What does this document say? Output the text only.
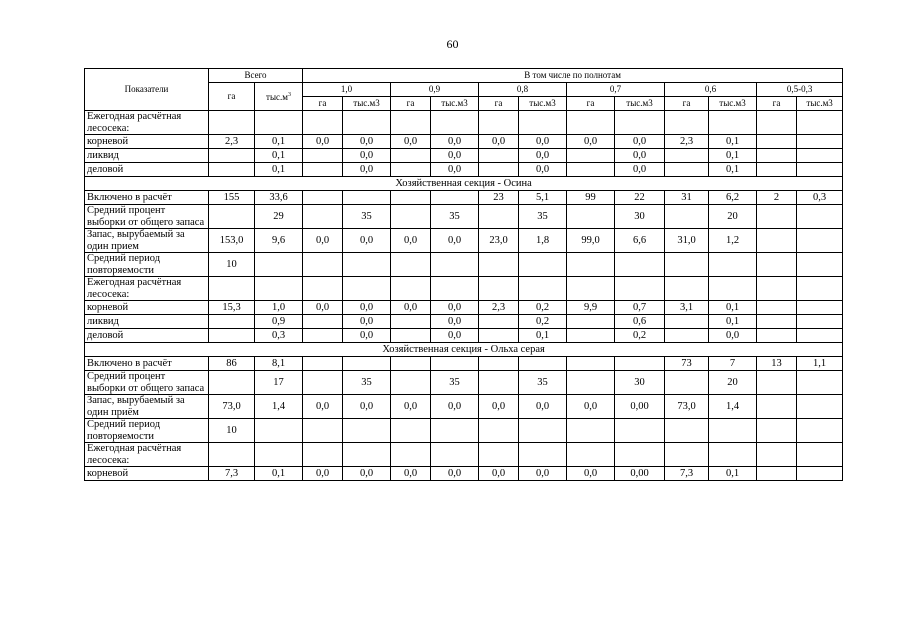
60
Показатели	Всего		В том числе по полнотам											
	га	$тыс.м^3$	1,0		0,9		0,8		0,7		0,6		0,5-0,3	
			га	тыс.м3	га	тыс.м3	га	тыс.м3	га	тыс.м3	га	тыс.м3	га	тыс.м3
Ежегодная расчётная лесосека:														
корневой	2,3	0,1	0,0	0,0	0,0	0,0	0,0	0,0	0,0	0,0	2,3	0,1		
ликвид		0,1		0,0		0,0		0,0		0,0		0,1		
деловой		0,1		0,0		0,0		0,0		0,0		0,1		
Хозяйственная секция - Осина														
Включено в расчёт	155	33,6					23	5,1	99	22	31	6,2	2	0,3
Средний процент выборки от общего запаса		29		35		35		35		30		20		
Запас, вырубаемый за один прием	153,0	9,6	0,0	0,0	0,0	0,0	23,0	1,8	99,0	6,6	31,0	1,2		
Средний период повторяемости	10													
Ежегодная расчётная лесосека:														
корневой	15,3	1,0	0,0	0,0	0,0	0,0	2,3	0,2	9,9	0,7	3,1	0,1		
ликвид		0,9		0,0		0,0		0,2		0,6		0,1		
деловой		0,3		0,0		0,0		0,1		0,2		0,0		
Хозяйственная секция - Ольха серая														
Включено в расчёт	86	8,1									73	7	13	1,1
Средний процент выборки от общего запаса		17		35		35		35		30		20		
Запас, вырубаемый за один приём	73,0	1,4	0,0	0,0	0,0	0,0	0,0	0,0	0,0	0,00	73,0	1,4		
Средний период повторяемости	10													
Ежегодная расчётная лесосека:														
корневой	7,3	0,1	0,0	0,0	0,0	0,0	0,0	0,0	0,0	0,00	7,3	0,1		
